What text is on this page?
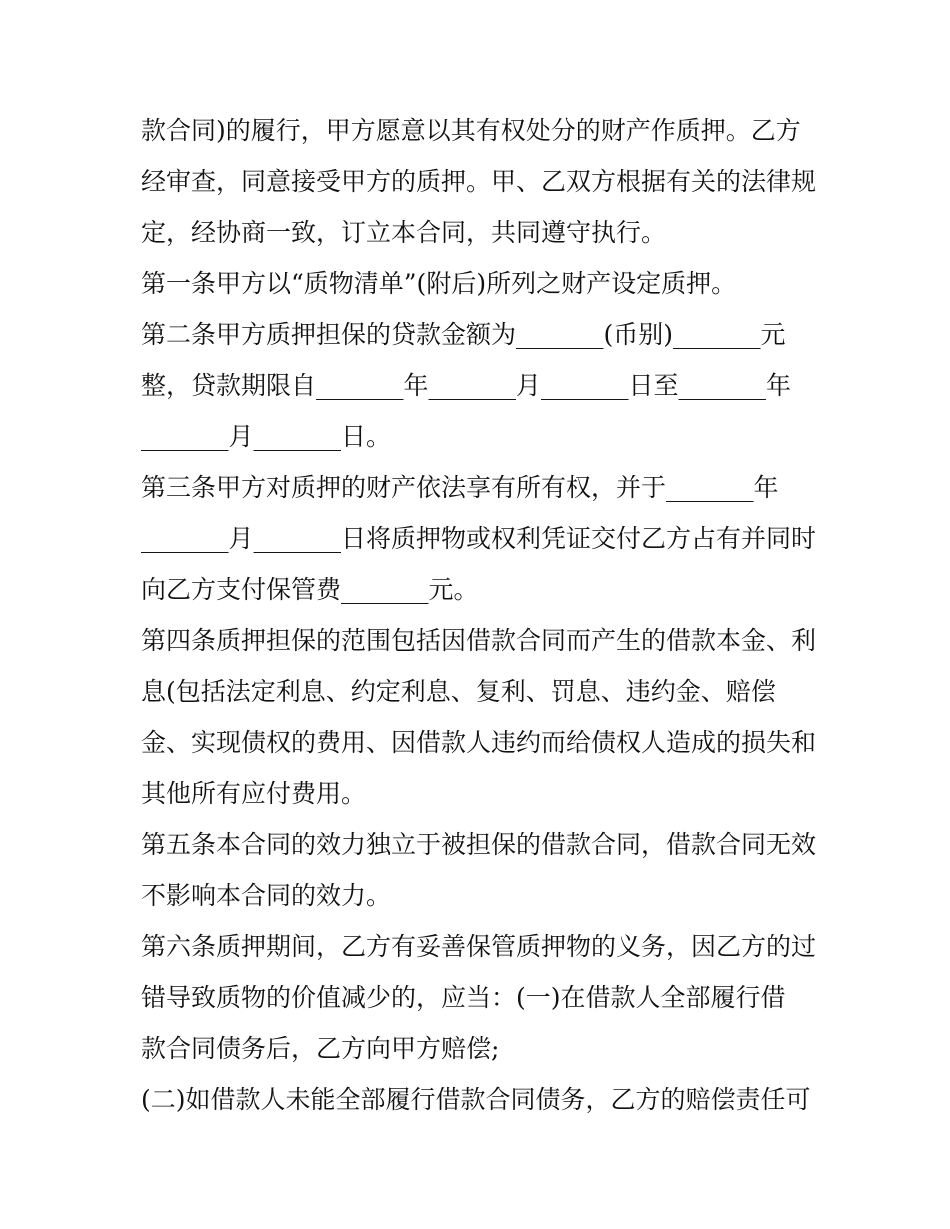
款合同)的履行，甲方愿意以其有权处分的财产作质押。乙方
经审查，同意接受甲方的质押。甲、乙双方根据有关的法律规
定，经协商一致，订立本合同，共同遵守执行。
第一条甲方以“质物清单”(附后)所列之财产设定质押。
第二条甲方质押担保的贷款金额为_______(币别)_______元
整，贷款期限自_______年_______月_______日至_______年
_______月_______日。
第三条甲方对质押的财产依法享有所有权，并于_______年
_______月_______日将质押物或权利凭证交付乙方占有并同时
向乙方支付保管费_______元。
第四条质押担保的范围包括因借款合同而产生的借款本金、利
息(包括法定利息、约定利息、复利、罚息、违约金、赔偿
金、实现债权的费用、因借款人违约而给债权人造成的损失和
其他所有应付费用。
第五条本合同的效力独立于被担保的借款合同，借款合同无效
不影响本合同的效力。
第六条质押期间，乙方有妥善保管质押物的义务，因乙方的过
错导致质物的价值减少的，应当：(一)在借款人全部履行借
款合同债务后，乙方向甲方赔偿;
(二)如借款人未能全部履行借款合同债务，乙方的赔偿责任可
